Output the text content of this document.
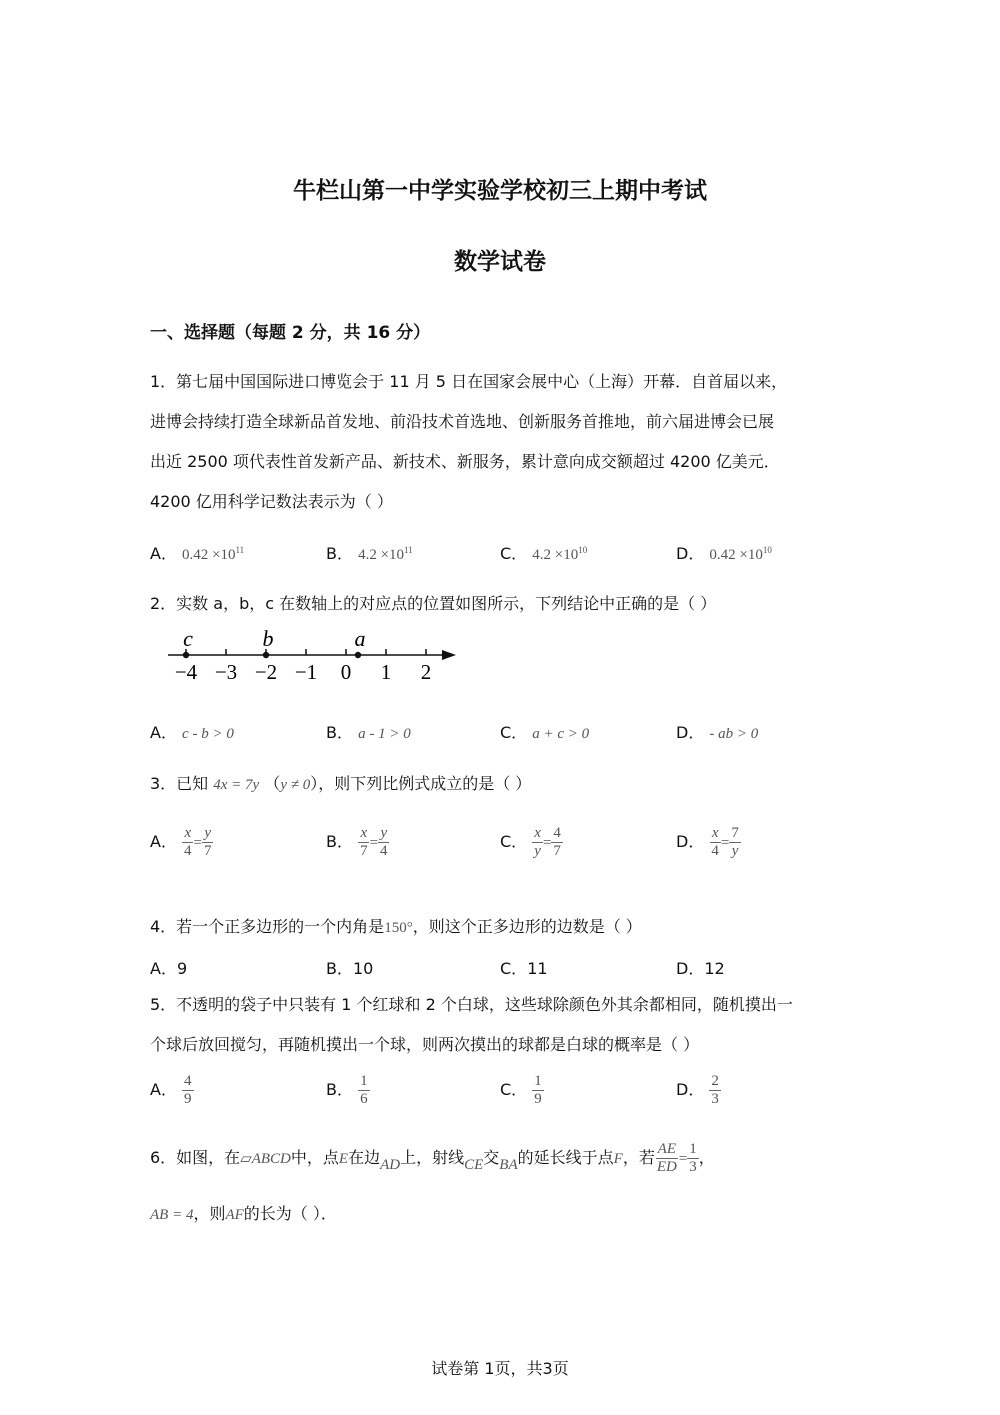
牛栏山第一中学实验学校初三上期中考试
数学试卷
一、选择题（每题 2 分，共 16 分）
1．第七届中国国际进口博览会于 11 月 5 日在国家会展中心（上海）开幕．自首届以来，
进博会持续打造全球新品首发地、前沿技术首选地、创新服务首推地，前六届进博会已展
出近 2500 项代表性首发新产品、新技术、新服务，累计意向成交额超过 4200 亿美元．
4200 亿用科学记数法表示为（ ）
A． $0.42 \times 10^{11}$	B． $4.2 \times 10^{11}$	C． $4.2 \times 10^{10}$	D． $0.42 \times 10^{10}$
2．实数 a，b，c 在数轴上的对应点的位置如图所示，下列结论中正确的是（ ）
−4 −3 −2 −1 0 1 2
c	b	a
A． c - b > 0	B． a - 1 > 0	C． a + c > 0	D． - ab > 0
3．已知 4x = 7y （y ≠ 0），则下列比例式成立的是（ ）
A． $\frac{x}{4} = \frac{y}{7}$	B． $\frac{x}{7} = \frac{y}{4}$	C． $\frac{x}{y} = \frac{4}{7}$	D． $\frac{x}{4} = \frac{7}{y}$
4．若一个正多边形的一个内角是150°，则这个正多边形的边数是（ ）
A．9	B．10	C．11	D．12
5．不透明的袋子中只装有 1 个红球和 2 个白球，这些球除颜色外其余都相同，随机摸出一
个球后放回搅匀，再随机摸出一个球，则两次摸出的球都是白球的概率是（ ）
A． $\frac{4}{9}$	B． $\frac{1}{6}$	C． $\frac{1}{9}$	D． $\frac{2}{3}$
6．如图，在▱ABCD中，点E在边AD上，射线CE交BA的延长线于点F，若 $\frac{AE}{ED} = \frac{1}{3}$ ，
AB = 4，则AF的长为（ ）．
试卷第 1页，共3页
